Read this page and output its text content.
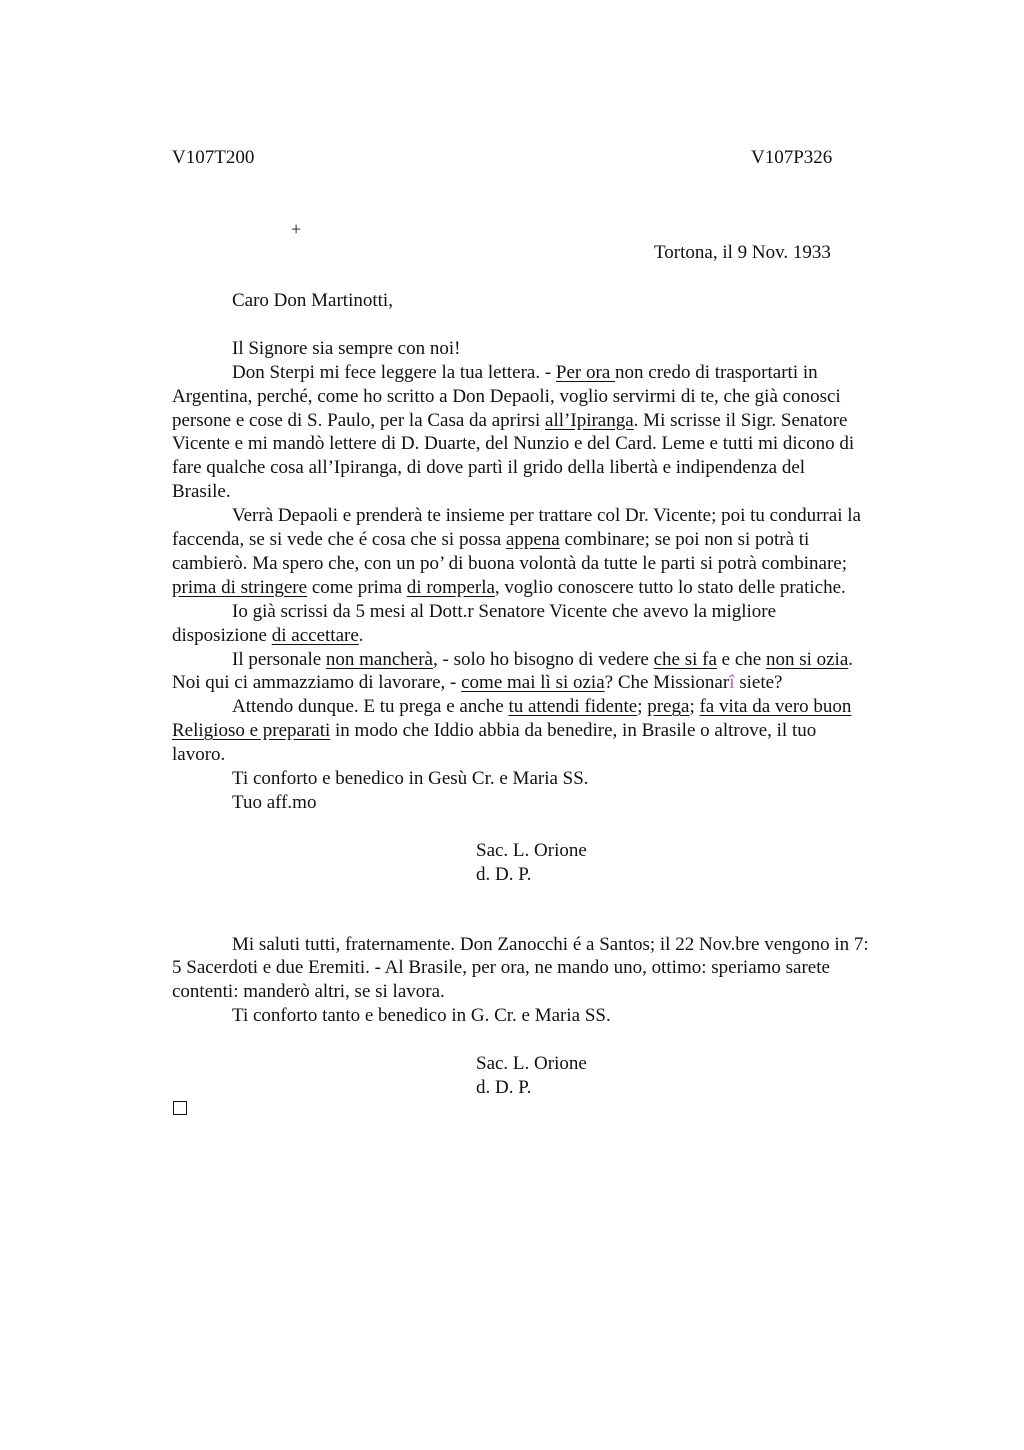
V107T200	V107P326
+
Tortona, il 9 Nov. 1933

Caro Don Martinotti,

Il Signore sia sempre con noi!

Don Sterpi mi fece leggere la tua lettera. - Per ora non credo di trasportarti in

Argentina, perché, come ho scritto a Don Depaoli, voglio servirmi di te, che già conosci

persone e cose di S. Paulo, per la Casa da aprirsi all’Ipiranga. Mi scrisse il Sigr. Senatore

Vicente e mi mandò lettere di D. Duarte, del Nunzio e del Card. Leme e tutti mi dicono di

fare qualche cosa all’Ipiranga, di dove partì il grido della libertà e indipendenza del

Brasile.

Verrà Depaoli e prenderà te insieme per trattare col Dr. Vicente; poi tu condurrai la

faccenda, se si vede che é cosa che si possa appena combinare; se poi non si potrà ti

cambierò. Ma spero che, con un po’ di buona volontà da tutte le parti si potrà combinare;

prima di stringere come prima di romperla, voglio conoscere tutto lo stato delle pratiche.

Io già scrissi da 5 mesi al Dott.r Senatore Vicente che avevo la migliore

disposizione di accettare.

Il personale non mancherà, - solo ho bisogno di vedere che si fa e che non si ozia.

Noi qui ci ammazziamo di lavorare, - come mai lì si ozia? Che Missionarî siete?

Attendo dunque. E tu prega e anche tu attendi fidente; prega; fa vita da vero buon

Religioso e preparati in modo che Iddio abbia da benedire, in Brasile o altrove, il tuo

lavoro.

Ti conforto e benedico in Gesù Cr. e Maria SS.

Tuo aff.mo

Sac. L. Orione

d. D. P.

Mi saluti tutti, fraternamente. Don Zanocchi é a Santos; il 22 Nov.bre vengono in 7:

5 Sacerdoti e due Eremiti. - Al Brasile, per ora, ne mando uno, ottimo: speriamo sarete

contenti: manderò altri, se si lavora.

Ti conforto tanto e benedico in G. Cr. e Maria SS.

Sac. L. Orione

d. D. P.
